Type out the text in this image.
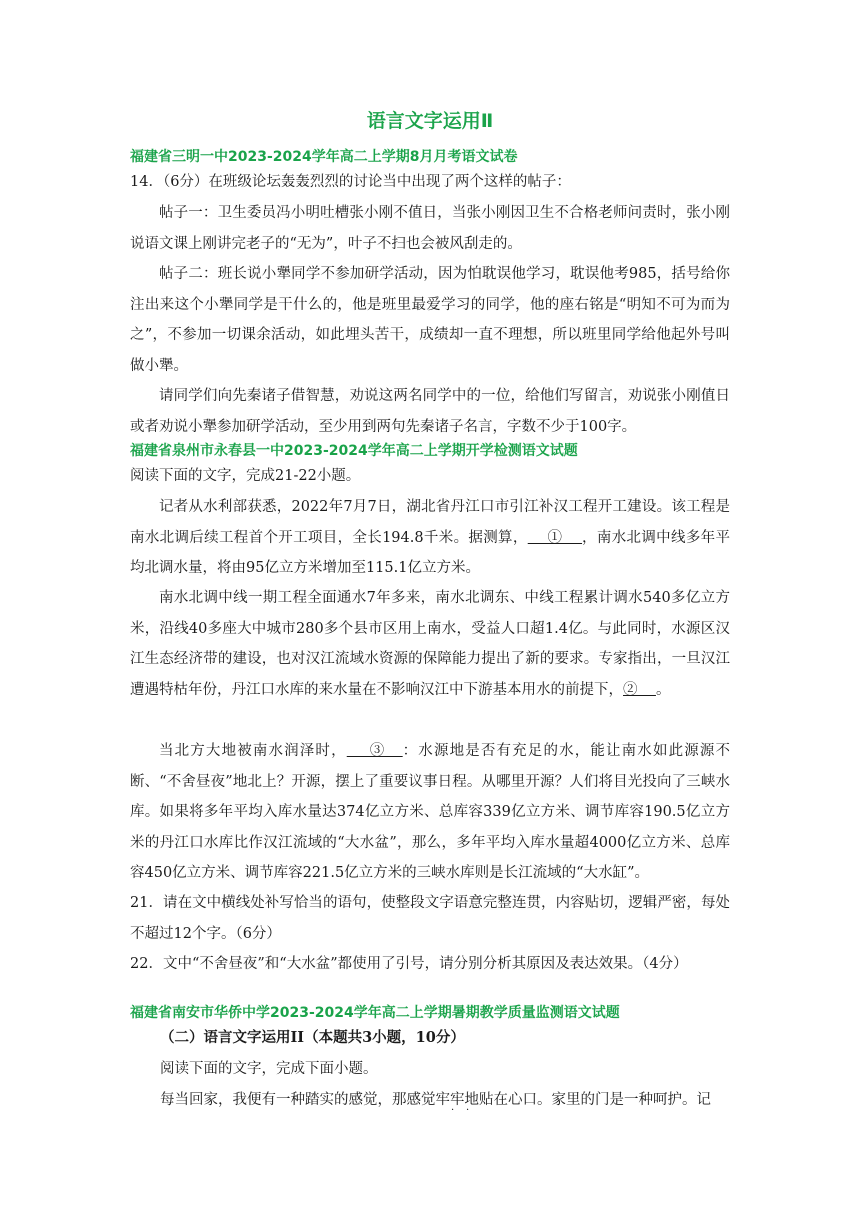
语言文字运用Ⅱ
福建省三明一中2023-2024学年高二上学期8月月考语文试卷
14．（6分）在班级论坛轰轰烈烈的讨论当中出现了两个这样的帖子：
帖子一：卫生委员冯小明吐槽张小刚不值日，当张小刚因卫生不合格老师问责时，张小刚说语文课上刚讲完老子的“无为”，叶子不扫也会被风刮走的。
帖子二：班长说小犟同学不参加研学活动，因为怕耽误他学习，耽误他考985，括号给你注出来这个小犟同学是干什么的，他是班里最爱学习的同学，他的座右铭是“明知不可为而为之”，不参加一切课余活动，如此埋头苦干，成绩却一直不理想，所以班里同学给他起外号叫做小犟。
请同学们向先秦诸子借智慧，劝说这两名同学中的一位，给他们写留言，劝说张小刚值日或者劝说小犟参加研学活动，至少用到两句先秦诸子名言，字数不少于100字。
福建省泉州市永春县一中2023-2024学年高二上学期开学检测语文试题
阅读下面的文字，完成21-22小题。
记者从水利部获悉，2022年7月7日，湖北省丹江口市引江补汉工程开工建设。该工程是南水北调后续工程首个开工项目，全长194.8千米。据测算，    ①    ，南水北调中线多年平均北调水量，将由95亿立方米增加至115.1亿立方米。
南水北调中线一期工程全面通水7年多来，南水北调东、中线工程累计调水540多亿立方米，沿线40多座大中城市280多个县市区用上南水，受益人口超1.4亿。与此同时，水源区汉江生态经济带的建设，也对汉江流域水资源的保障能力提出了新的要求。专家指出，一旦汉江遭遇特枯年份，丹江口水库的来水量在不影响汉江中下游基本用水的前提下，②    。
当北方大地被南水润泽时，    ③   ：水源地是否有充足的水，能让南水如此源源不断、“不舍昼夜”地北上？开源，摆上了重要议事日程。从哪里开源？人们将目光投向了三峡水库。如果将多年平均入库水量达374亿立方米、总库容339亿立方米、调节库容190.5亿立方米的丹江口水库比作汉江流域的“大水盆”，那么，多年平均入库水量超4000亿立方米、总库容450亿立方米、调节库容221.5亿立方米的三峡水库则是长江流域的“大水缸”。
21．请在文中横线处补写恰当的语句，使整段文字语意完整连贯，内容贴切，逻辑严密，每处不超过12个字。（6分）
22．文中“不舍昼夜”和“大水盆”都使用了引号，请分别分析其原因及表达效果。（4分）
福建省南安市华侨中学2023-2024学年高二上学期暑期教学质量监测语文试题
（二）语言文字运用II（本题共3小题，10分）
阅读下面的文字，完成下面小题。
每当回家，我便有一种踏实的感觉，那感觉牢牢地贴在心口。家里的门是一种呵护。记
· ·
